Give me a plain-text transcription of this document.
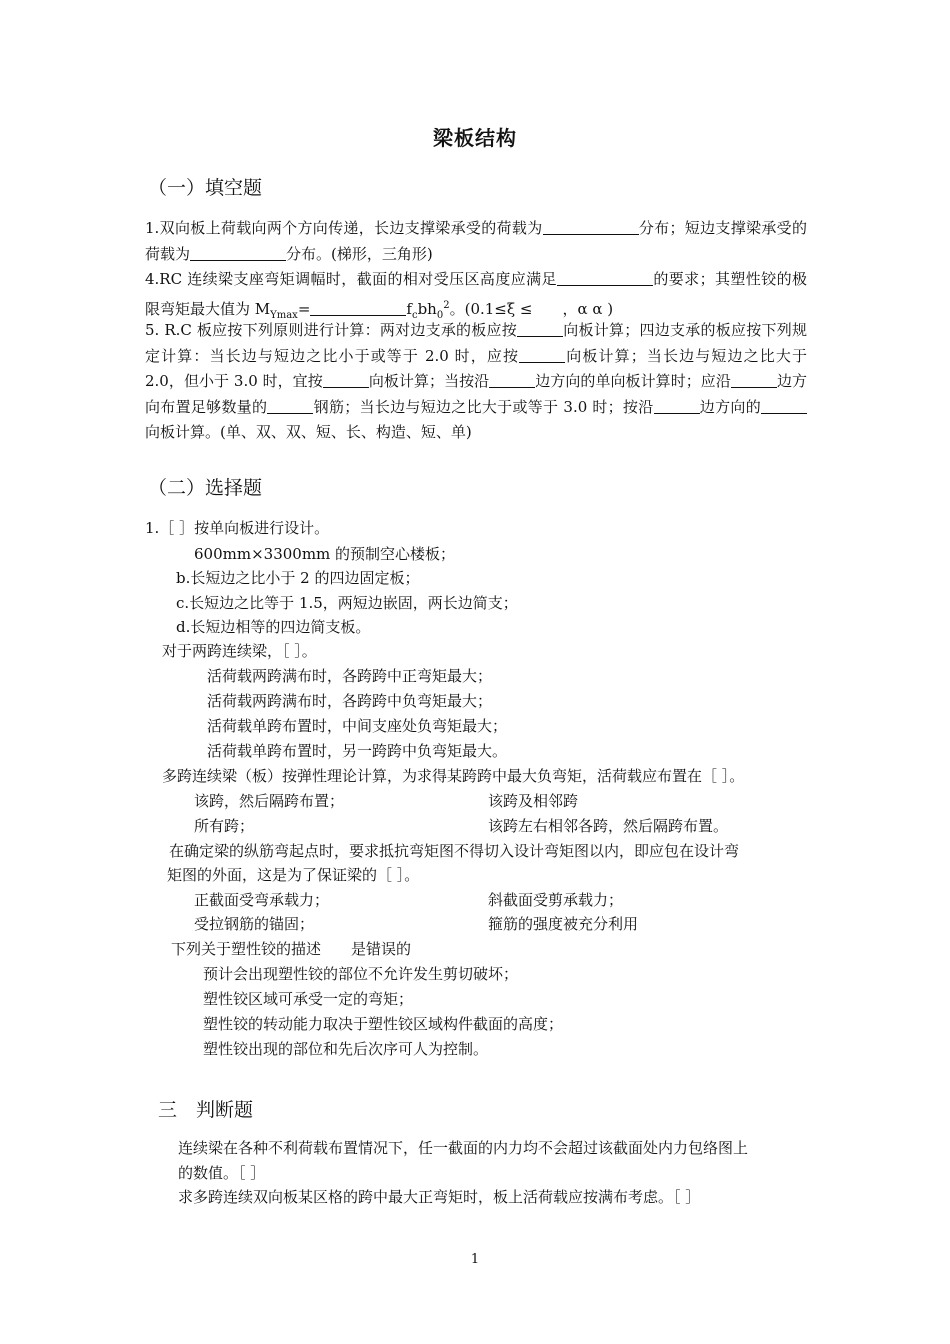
梁板结构
（一）填空题
1.双向板上荷载向两个方向传递，长边支撑梁承受的荷载为	分布；短边支撑梁承受的荷载为	分布。(梯形，三角形)
4.RC 连续梁支座弯矩调幅时，截面的相对受压区高度应满足	的要求；其塑性铰的极限弯矩最大值为 $M_{Ymax}=$	$f_cbh_0^2$。(0.1≤ξ ≤　　，α α )
5. R.C 板应按下列原则进行计算：两对边支承的板应按	向板计算；四边支承的板应按下列规定计算：当长边与短边之比小于或等于 2.0 时，应按	向板计算；当长边与短边之比大于 2.0，但小于 3.0 时，宜按	向板计算；当按沿	边方向的单向板计算时；应沿	边方向布置足够数量的	钢筋；当长边与短边之比大于或等于 3.0 时；按沿	边方向的向板计算。(单、双、双、短、长、构造、短、单)
（二）选择题
1.［ ］按单向板进行设计。
600mm×3300mm 的预制空心楼板；
b.长短边之比小于 2 的四边固定板；
c.长短边之比等于 1.5，两短边嵌固，两长边简支；
d.长短边相等的四边简支板。
对于两跨连续梁，［ ］。
活荷载两跨满布时，各跨跨中正弯矩最大；
活荷载两跨满布时，各跨跨中负弯矩最大；
活荷载单跨布置时，中间支座处负弯矩最大；
活荷载单跨布置时，另一跨跨中负弯矩最大。
多跨连续梁（板）按弹性理论计算，为求得某跨跨中最大负弯矩，活荷载应布置在［ ］。
该跨，然后隔跨布置；	该跨及相邻跨
所有跨；	该跨左右相邻各跨，然后隔跨布置。
在确定梁的纵筋弯起点时，要求抵抗弯矩图不得切入设计弯矩图以内，即应包在设计弯
矩图的外面，这是为了保证梁的［ ］。
正截面受弯承载力；	斜截面受剪承载力；
受拉钢筋的锚固；	箍筋的强度被充分利用
下列关于塑性铰的描述　　是错误的
预计会出现塑性铰的部位不允许发生剪切破坏；
塑性铰区域可承受一定的弯矩；
塑性铰的转动能力取决于塑性铰区域构件截面的高度；
塑性铰出现的部位和先后次序可人为控制。
三　判断题
连续梁在各种不利荷载布置情况下，任一截面的内力均不会超过该截面处内力包络图上
的数值。［ ］
求多跨连续双向板某区格的跨中最大正弯矩时，板上活荷载应按满布考虑。［ ］
1
